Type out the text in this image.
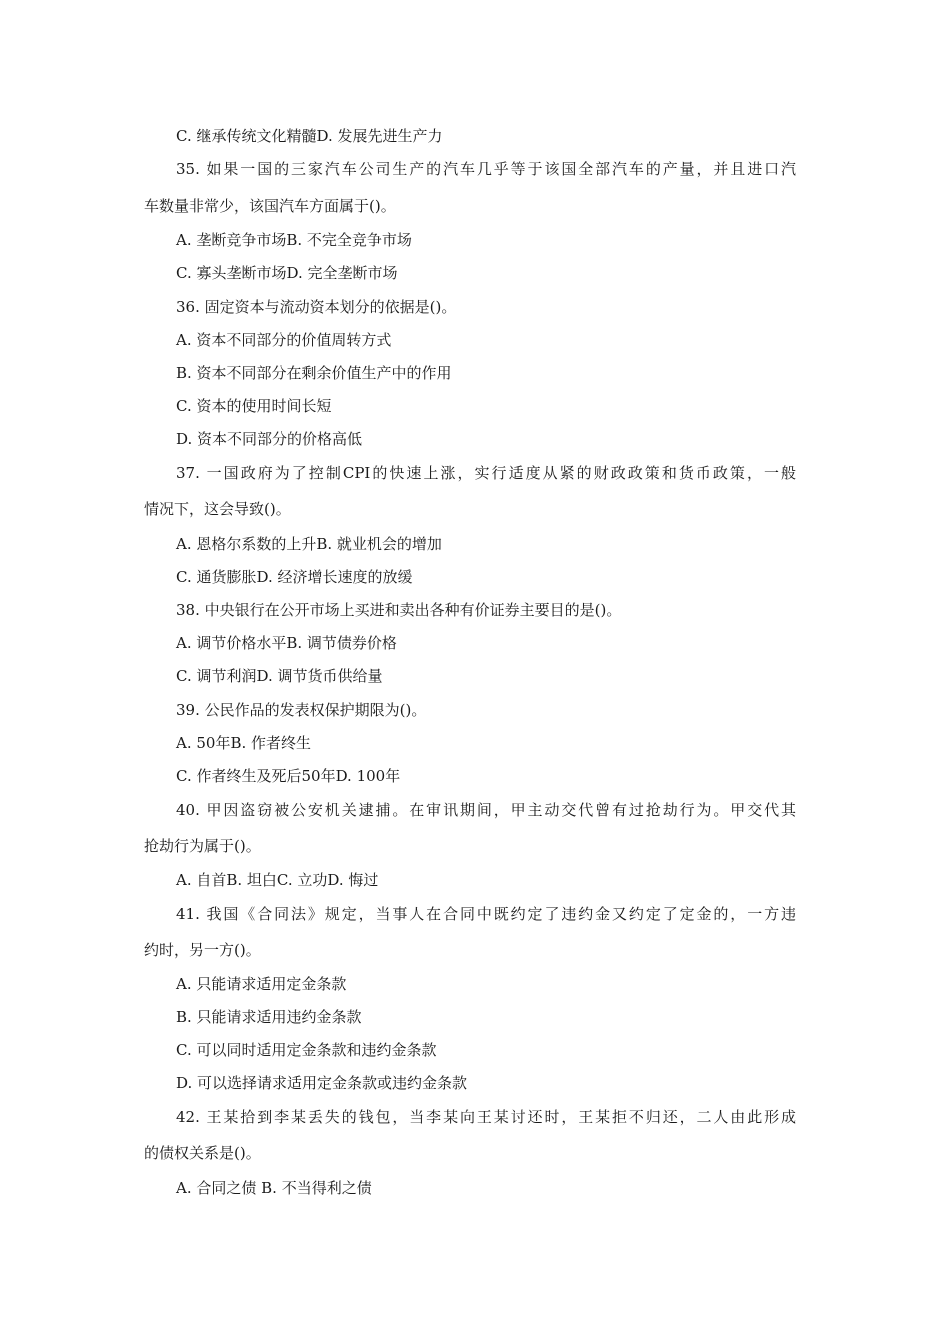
C. 继承传统文化精髓D. 发展先进生产力
35. 如果一国的三家汽车公司生产的汽车几乎等于该国全部汽车的产量，并且进口汽
车数量非常少，该国汽车方面属于()。
A. 垄断竞争市场B. 不完全竞争市场
C. 寡头垄断市场D. 完全垄断市场
36. 固定资本与流动资本划分的依据是()。
A. 资本不同部分的价值周转方式
B. 资本不同部分在剩余价值生产中的作用
C. 资本的使用时间长短
D. 资本不同部分的价格高低
37. 一国政府为了控制CPI的快速上涨，实行适度从紧的财政政策和货币政策，一般
情况下，这会导致()。
A. 恩格尔系数的上升B. 就业机会的增加
C. 通货膨胀D. 经济增长速度的放缓
38. 中央银行在公开市场上买进和卖出各种有价证券主要目的是()。
A. 调节价格水平B. 调节债券价格
C. 调节利润D. 调节货币供给量
39. 公民作品的发表权保护期限为()。
A. 50年B. 作者终生
C. 作者终生及死后50年D. 100年
40. 甲因盗窃被公安机关逮捕。在审讯期间，甲主动交代曾有过抢劫行为。甲交代其
抢劫行为属于()。
A. 自首B. 坦白C. 立功D. 悔过
41. 我国《合同法》规定，当事人在合同中既约定了违约金又约定了定金的，一方违
约时，另一方()。
A. 只能请求适用定金条款
B. 只能请求适用违约金条款
C. 可以同时适用定金条款和违约金条款
D. 可以选择请求适用定金条款或违约金条款
42. 王某拾到李某丢失的钱包，当李某向王某讨还时，王某拒不归还，二人由此形成
的债权关系是()。
A. 合同之债 B. 不当得利之债
